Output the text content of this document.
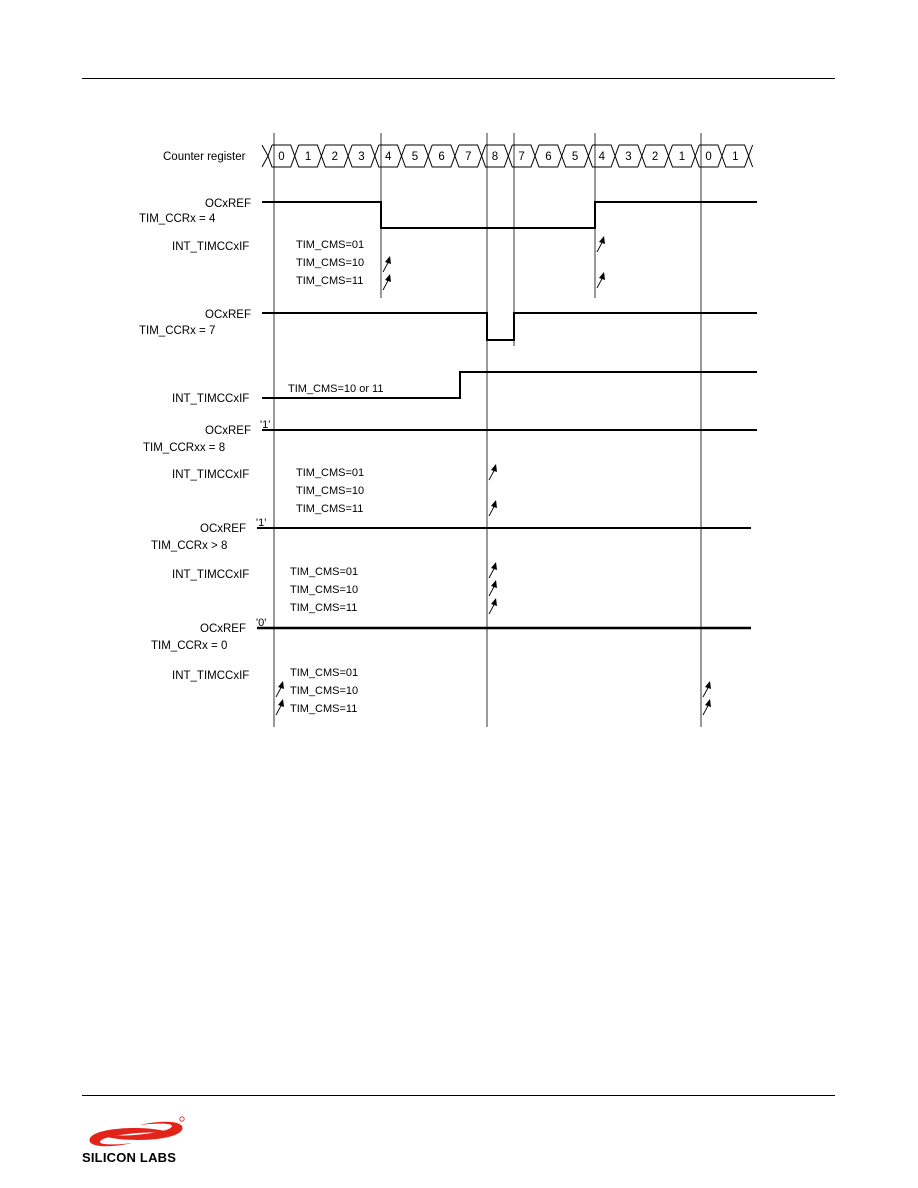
Counter register	0 1 2 3 4 5 6 7 8 7 6 5 4 3 2 1 0 1
OCxREF
TIM_CCRx = 4
INT_TIMCCxIF	TIM_CMS=01
TIM_CMS=10
TIM_CMS=11
OCxREF
TIM_CCRx = 7
TIM_CMS=10 or 11
INT_TIMCCxIF
'1'
OCxREF
TIM_CCRxx = 8
INT_TIMCCxIF	TIM_CMS=01
TIM_CMS=10
TIM_CMS=11
'1'
OCxREF
TIM_CCRx > 8
INT_TIMCCxIF	TIM_CMS=01
TIM_CMS=10
TIM_CMS=11
'0'
OCxREF
TIM_CCRx = 0
INT_TIMCCxIF	TIM_CMS=01
TIM_CMS=10
TIM_CMS=11
SILICON LABS
